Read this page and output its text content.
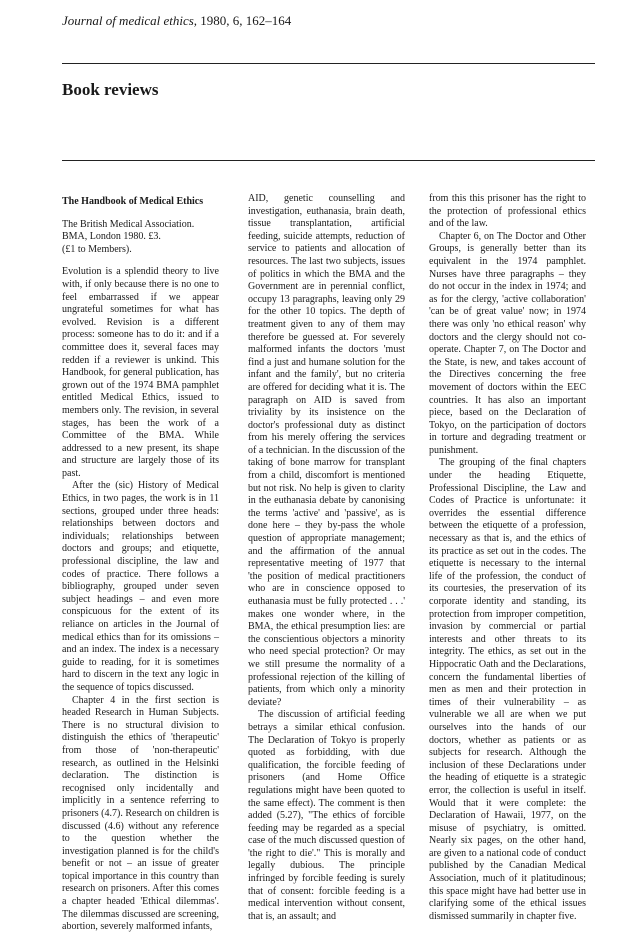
Journal of medical ethics, 1980, 6, 162–164
Book reviews

The Handbook of Medical Ethics

The British Medical Association.
BMA, London 1980. £3.
(£1 to Members).

Evolution is a splendid theory to live with, if only because there is no one to feel embarrassed if we appear ungrateful sometimes for what has evolved. Revision is a different process: someone has to do it: and if a committee does it, several faces may redden if a reviewer is unkind. This Handbook, for general publication, has grown out of the 1974 BMA pamphlet entitled Medical Ethics, issued to members only. The revision, in several stages, has been the work of a Committee of the BMA. While addressed to a new present, its shape and structure are largely those of its past.

After the (sic) History of Medical Ethics, in two pages, the work is in 11 sections, grouped under three heads: relationships between doctors and individuals; relationships between doctors and groups; and etiquette, professional discipline, the law and codes of practice. There follows a bibliography, grouped under seven subject headings – and even more conspicuous for the extent of its reliance on articles in the Journal of medical ethics than for its omissions – and an index. The index is a necessary guide to reading, for it is sometimes hard to discern in the text any logic in the sequence of topics discussed.

Chapter 4 in the first section is headed Research in Human Subjects. There is no structural division to distinguish the ethics of 'therapeutic' from those of 'non-therapeutic' research, as outlined in the Helsinki declaration. The distinction is recognised only incidentally and implicitly in a sentence referring to prisoners (4.7). Research on children is discussed (4.6) without any reference to the question whether the investigation planned is for the child's benefit or not – an issue of greater topical importance in this country than research on prisoners. After this comes a chapter headed 'Ethical dilemmas'. The dilemmas discussed are screening, abortion, severely malformed infants,

AID, genetic counselling and investigation, euthanasia, brain death, tissue transplantation, artificial feeding, suicide attempts, reduction of service to patients and allocation of resources. The last two subjects, issues of politics in which the BMA and the Government are in perennial conflict, occupy 13 paragraphs, leaving only 29 for the other 10 topics. The depth of treatment given to any of them may therefore be guessed at. For severely malformed infants the doctors 'must find a just and humane solution for the infant and the family', but no criteria are offered for deciding what it is. The paragraph on AID is saved from triviality by its insistence on the doctor's professional duty as distinct from his merely offering the services of a technician. In the discussion of the taking of bone marrow for transplant from a child, discomfort is mentioned but not risk. No help is given to clarity in the euthanasia debate by canonising the terms 'active' and 'passive', as is done here – they by-pass the whole question of appropriate management; and the affirmation of the annual representative meeting of 1977 that 'the position of medical practitioners who are in conscience opposed to euthanasia must be fully protected . . .' makes one wonder where, in the BMA, the ethical presumption lies: are the conscientious objectors a minority who need special protection? Or may we still presume the normality of a professional rejection of the killing of patients, from which only a minority deviate?

The discussion of artificial feeding betrays a similar ethical confusion. The Declaration of Tokyo is properly quoted as forbidding, with due qualification, the forcible feeding of prisoners (and Home Office regulations might have been quoted to the same effect). The comment is then added (5.27), "The ethics of forcible feeding may be regarded as a special case of the much discussed question of 'the right to die'." This is morally and legally dubious. The principle infringed by forcible feeding is surely that of consent: forcible feeding is a medical intervention without consent, that is, an assault; and

from this this prisoner has the right to the protection of professional ethics and of the law.

Chapter 6, on The Doctor and Other Groups, is generally better than its equivalent in the 1974 pamphlet. Nurses have three paragraphs – they do not occur in the index in 1974; and as for the clergy, 'active collaboration' 'can be of great value' now; in 1974 there was only 'no ethical reason' why doctors and the clergy should not co-operate. Chapter 7, on The Doctor and the State, is new, and takes account of the Directives concerning the free movement of doctors within the EEC countries. It has also an important piece, based on the Declaration of Tokyo, on the participation of doctors in torture and degrading treatment or punishment.

The grouping of the final chapters under the heading Etiquette, Professional Discipline, the Law and Codes of Practice is unfortunate: it overrides the essential difference between the etiquette of a profession, necessary as that is, and the ethics of its practice as set out in the codes. The etiquette is necessary to the internal life of the profession, the conduct of its courtesies, the preservation of its corporate identity and standing, its protection from improper competition, invasion by commercial or partial interests and other threats to its integrity. The ethics, as set out in the Hippocratic Oath and the Declarations, concern the fundamental liberties of men as men and their protection in times of their vulnerability – as vulnerable we all are when we put ourselves into the hands of our doctors, whether as patients or as subjects for research. Although the inclusion of these Declarations under the heading of etiquette is a strategic error, the collection is useful in itself. Would that it were complete: the Declaration of Hawaii, 1977, on the misuse of psychiatry, is omitted. Nearly six pages, on the other hand, are given to a national code of conduct published by the Canadian Medical Association, much of it platitudinous; this space might have had better use in clarifying some of the ethical issues dismissed summarily in chapter five.
